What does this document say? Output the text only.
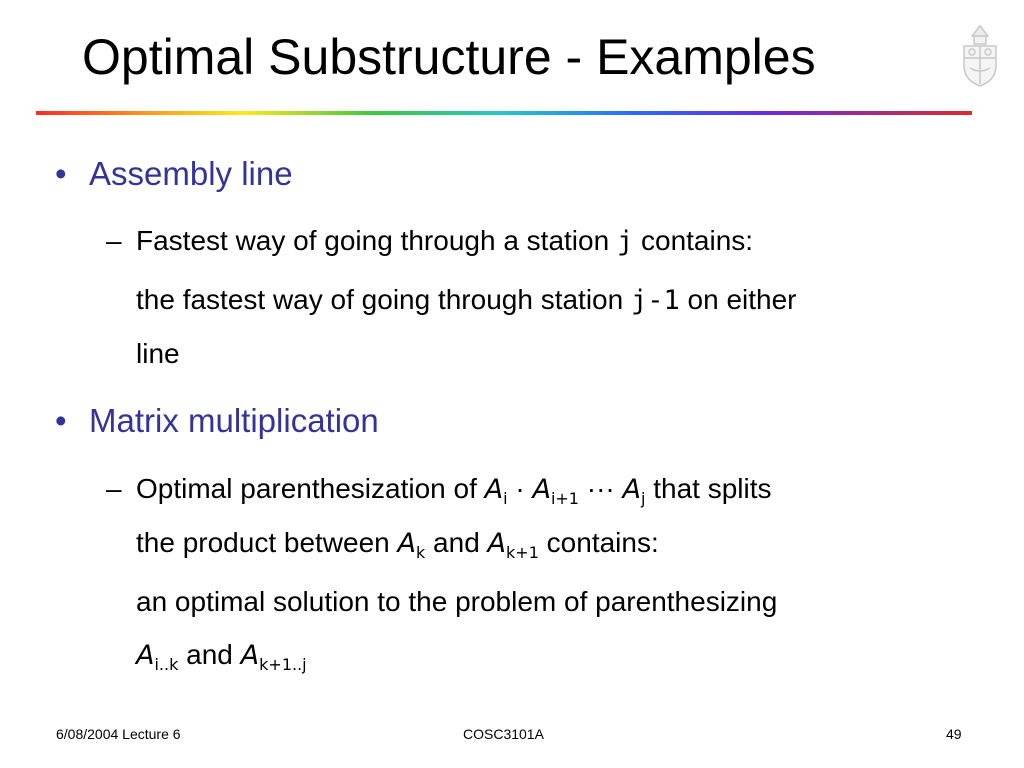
Optimal Substructure - Examples
• Assembly line
– Fastest way of going through a station j contains:
the fastest way of going through station j-1 on either
line
• Matrix multiplication
– Optimal parenthesization of $A_i \cdot A_{i+1}$ ··· $A_j$ that splits
the product between $A_k$ and $A_{k+1}$ contains:
an optimal solution to the problem of parenthesizing
$A_{i..k}$ and $A_{k+1..j}$
6/08/2004 Lecture 6	COSC3101A	49
